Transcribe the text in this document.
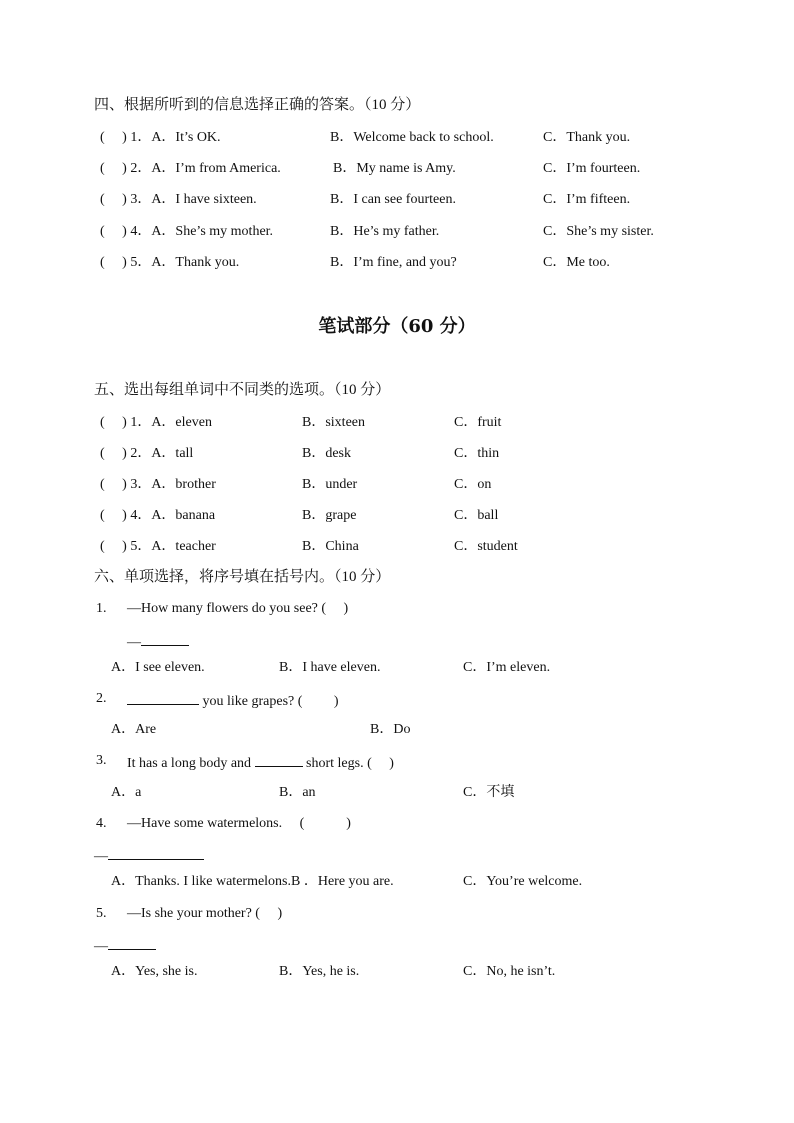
四、根据所听到的信息选择正确的答案。（10 分）
(　 ) 1．A．It’s OK.	B．Welcome back to school.	C．Thank you.
(　 ) 2．A．I’m from America.	B．My name is Amy.	C．I’m fourteen.
(　 ) 3．A．I have sixteen.	B．I can see fourteen.	C．I’m fifteen.
(　 ) 4．A．She’s my mother.	B．He’s my father.	C．She’s my sister.
(　 ) 5．A．Thank you.	B．I’m fine, and you?	C．Me too.
笔试部分（60 分）
五、选出每组单词中不同类的选项。（10 分）
(　 ) 1．A．eleven	B．sixteen	C．fruit
(　 ) 2．A．tall	B．desk	C．thin
(　 ) 3．A．brother	B．under	C．on
(　 ) 4．A．banana	B．grape	C．ball
(　 ) 5．A．teacher	B．China	C．student
六、单项选择，将序号填在括号内。（10 分）
1. —How many flowers do you see? (　 )
—
A．I see eleven.	B．I have eleven.	C．I’m eleven.
2.	you like grapes? (　　 )
A．Are	B．Do
3. It has a long body and	short legs. (　 )
A．a	B．an	C．不填
4. —Have some watermelons.　 (　　　)
—
A．Thanks. I like watermelons.B ．Here you are.	C．You’re welcome.
5. —Is she your mother? (　 )
—
A．Yes, she is.	B．Yes, he is.	C．No, he isn’t.
